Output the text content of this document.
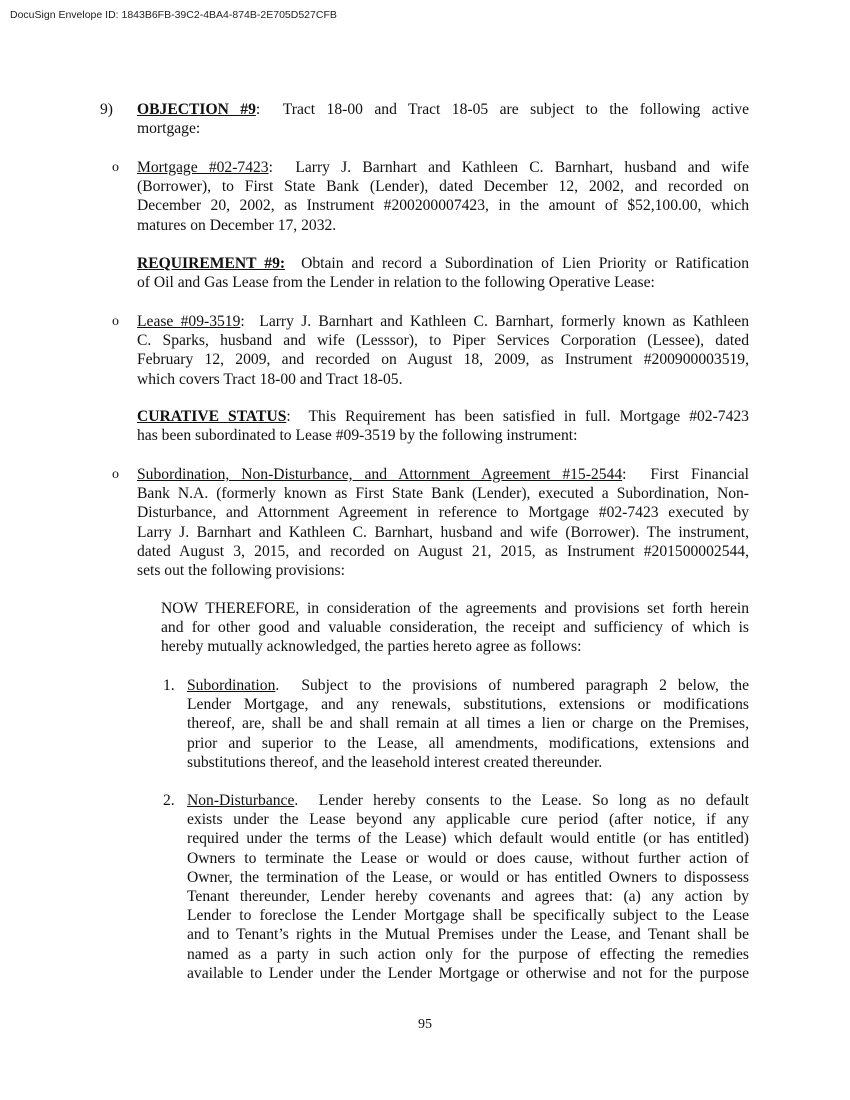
DocuSign Envelope ID: 1843B6FB-39C2-4BA4-874B-2E705D527CFB
9) OBJECTION #9:  Tract 18-00 and Tract 18-05 are subject to the following active
mortgage:
o Mortgage #02-7423:  Larry J. Barnhart and Kathleen C. Barnhart, husband and wife
(Borrower), to First State Bank (Lender), dated December 12, 2002, and recorded on
December 20, 2002, as Instrument #200200007423, in the amount of $52,100.00, which
matures on December 17, 2032.
REQUIREMENT #9: Obtain and record a Subordination of Lien Priority or Ratification
of Oil and Gas Lease from the Lender in relation to the following Operative Lease:
o Lease #09-3519:  Larry J. Barnhart and Kathleen C. Barnhart, formerly known as Kathleen
C. Sparks, husband and wife (Lesssor), to Piper Services Corporation (Lessee), dated
February 12, 2009, and recorded on August 18, 2009, as Instrument #200900003519,
which covers Tract 18-00 and Tract 18-05.
CURATIVE STATUS:  This Requirement has been satisfied in full. Mortgage #02-7423
has been subordinated to Lease #09-3519 by the following instrument:
o Subordination, Non-Disturbance, and Attornment Agreement #15-2544:  First Financial
Bank N.A. (formerly known as First State Bank (Lender), executed a Subordination, Non-
Disturbance, and Attornment Agreement in reference to Mortgage #02-7423 executed by
Larry J. Barnhart and Kathleen C. Barnhart, husband and wife (Borrower). The instrument,
dated August 3, 2015, and recorded on August 21, 2015, as Instrument #201500002544,
sets out the following provisions:
NOW THEREFORE, in consideration of the agreements and provisions set forth herein
and for other good and valuable consideration, the receipt and sufficiency of which is
hereby mutually acknowledged, the parties hereto agree as follows:
1. Subordination.  Subject to the provisions of numbered paragraph 2 below, the
Lender Mortgage, and any renewals, substitutions, extensions or modifications
thereof, are, shall be and shall remain at all times a lien or charge on the Premises,
prior and superior to the Lease, all amendments, modifications, extensions and
substitutions thereof, and the leasehold interest created thereunder.
2. Non-Disturbance.  Lender hereby consents to the Lease. So long as no default
exists under the Lease beyond any applicable cure period (after notice, if any
required under the terms of the Lease) which default would entitle (or has entitled)
Owners to terminate the Lease or would or does cause, without further action of
Owner, the termination of the Lease, or would or has entitled Owners to dispossess
Tenant thereunder, Lender hereby covenants and agrees that: (a) any action by
Lender to foreclose the Lender Mortgage shall be specifically subject to the Lease
and to Tenant’s rights in the Mutual Premises under the Lease, and Tenant shall be
named as a party in such action only for the purpose of effecting the remedies
available to Lender under the Lender Mortgage or otherwise and not for the purpose
95
